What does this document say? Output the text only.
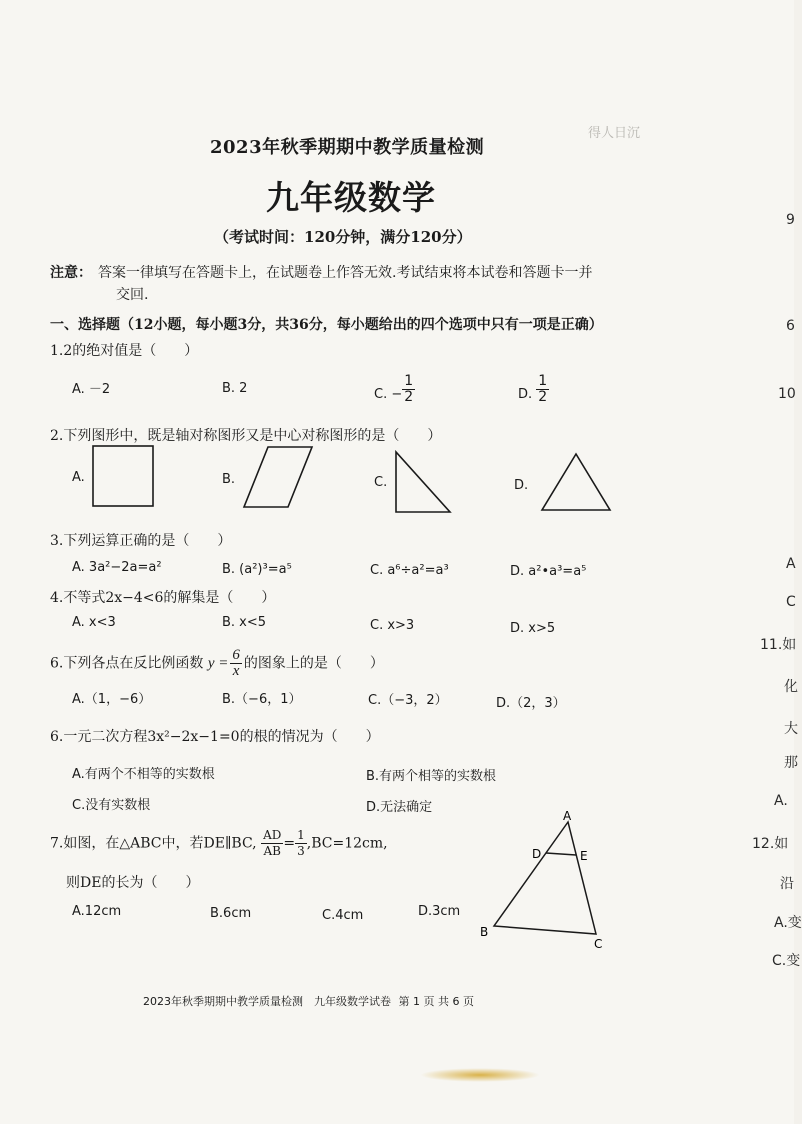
得人日沉
2023年秋季期期中教学质量检测
九年级数学
（考试时间：120分钟，满分120分）
注意： 答案一律填写在答题卡上，在试题卷上作答无效.考试结束将本试卷和答题卡一并
交回.
一、选择题（12小题，每小题3分，共36分，每小题给出的四个选项中只有一项是正确）
1.2的绝对值是（　　）
A. －2	B. 2	C. − $\frac{1}{2}$	D. $\frac{1}{2}$
2.下列图形中，既是轴对称图形又是中心对称图形的是（　　）
A.	B.	C.	D.
3.下列运算正确的是（　　）
A. 3a²−2a=a²	B. (a²)³=a⁵	C. a⁶÷a²=a³	D. a²•a³=a⁵
4.不等式2x−4<6的解集是（　　）
A. x<3	B. x<5	C. x>3	D. x>5
6.下列各点在反比例函数 $y = \frac{6}{x}$ 的图象上的是（　　）
A.（1，−6）	B.（−6，1）	C.（−3，2）	D.（2，3）
6.一元二次方程3x²−2x−1=0的根的情况为（　　）
A.有两个不相等的实数根	B.有两个相等的实数根
C.没有实数根	D.无法确定
7.如图，在△ABC中，若DE∥BC, $\frac{AD}{AB} = \frac{1}{3} ,BC=12cm$,
则DE的长为（　　）
A.12cm	B.6cm	C.4cm	D.3cm
A
D	E
B
C
9
6
10
A
C
11.如
化
大
那
A.
12.如
沿
A.变
C.变
2023年秋季期期中教学质量检测　九年级数学试卷 第 1 页 共 6 页
